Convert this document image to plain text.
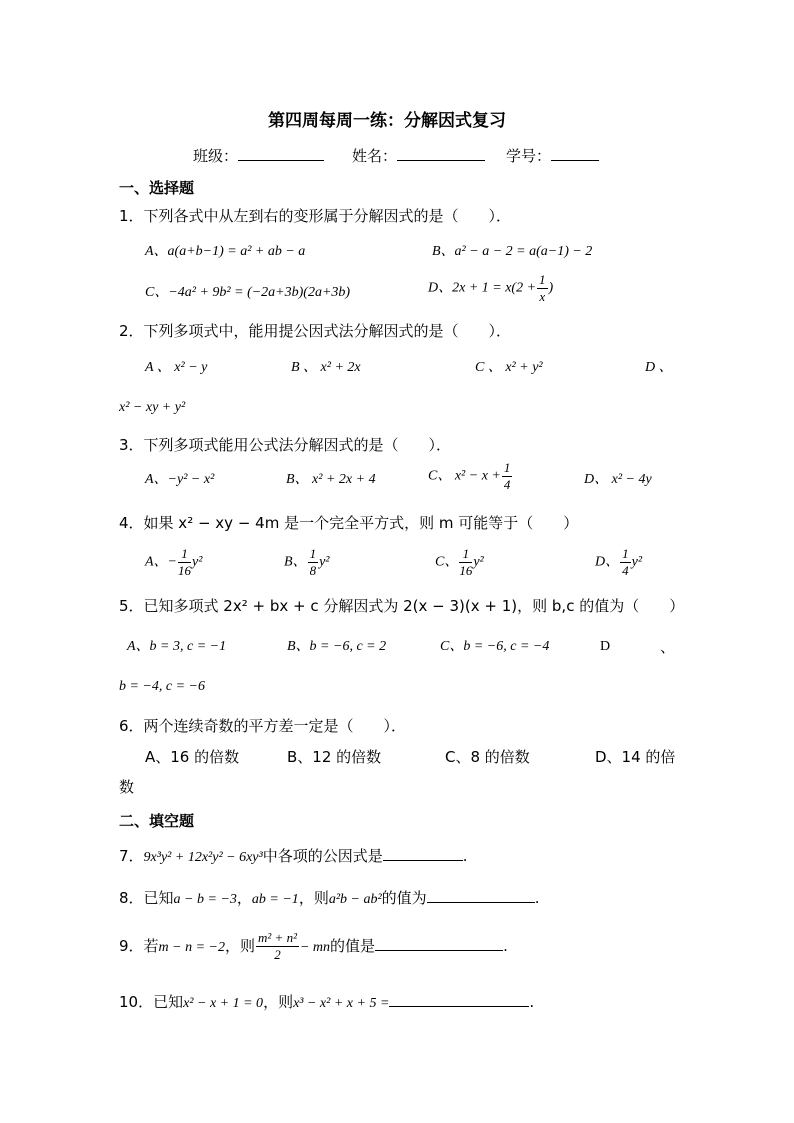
第四周每周一练：分解因式复习
班级：	姓名：	学号：
一、选择题
1．下列各式中从左到右的变形属于分解因式的是（　　）．
A、a(a+b−1) = a² + ab − a	B、a² − a − 2 = a(a−1) − 2
C、−4a² + 9b² = (−2a+3b)(2a+3b)	D、$2x + 1 = x(2 + \frac{1}{x}$ )
2．下列多项式中，能用提公因式法分解因式的是（　　）．
A 、 x² − y	B 、 x² + 2x	C 、 x² + y²	D 、
x² − xy + y²
3．下列多项式能用公式法分解因式的是（　　）．
A、−y² − x²	B、 x² + 2x + 4	C、 $x^2 - x + \frac{1}{4}$	D、 x² − 4y
4．如果 x² − xy − 4m 是一个完全平方式，则 m 可能等于（　　）
A、− $\frac{1}{16} y^2$	B、 $\frac{1}{8} y^2$	C、 $\frac{1}{16} y^2$	D、 $\frac{1}{4} y^2$
5．已知多项式 2x² + bx + c 分解因式为 2(x − 3)(x + 1)，则 b,c 的值为（　　）
A、b = 3, c = −1	B、b = −6, c = 2	C、b = −6, c = −4	D	、
b = −4, c = −6
6．两个连续奇数的平方差一定是（　　）．
A、16 的倍数	B、12 的倍数	C、8 的倍数	D、14 的倍
数
二、填空题
7．9x³y² + 12x²y² − 6xy³中各项的公因式是	.
8．已知a − b = −3，ab = −1，则a²b − ab²的值为	.
9．若m − n = −2，则 $\frac{\text{m² + n²}}{2}$ − mn的值是	.
10．已知x² − x + 1 = 0，则x³ − x² + x + 5 =	.
